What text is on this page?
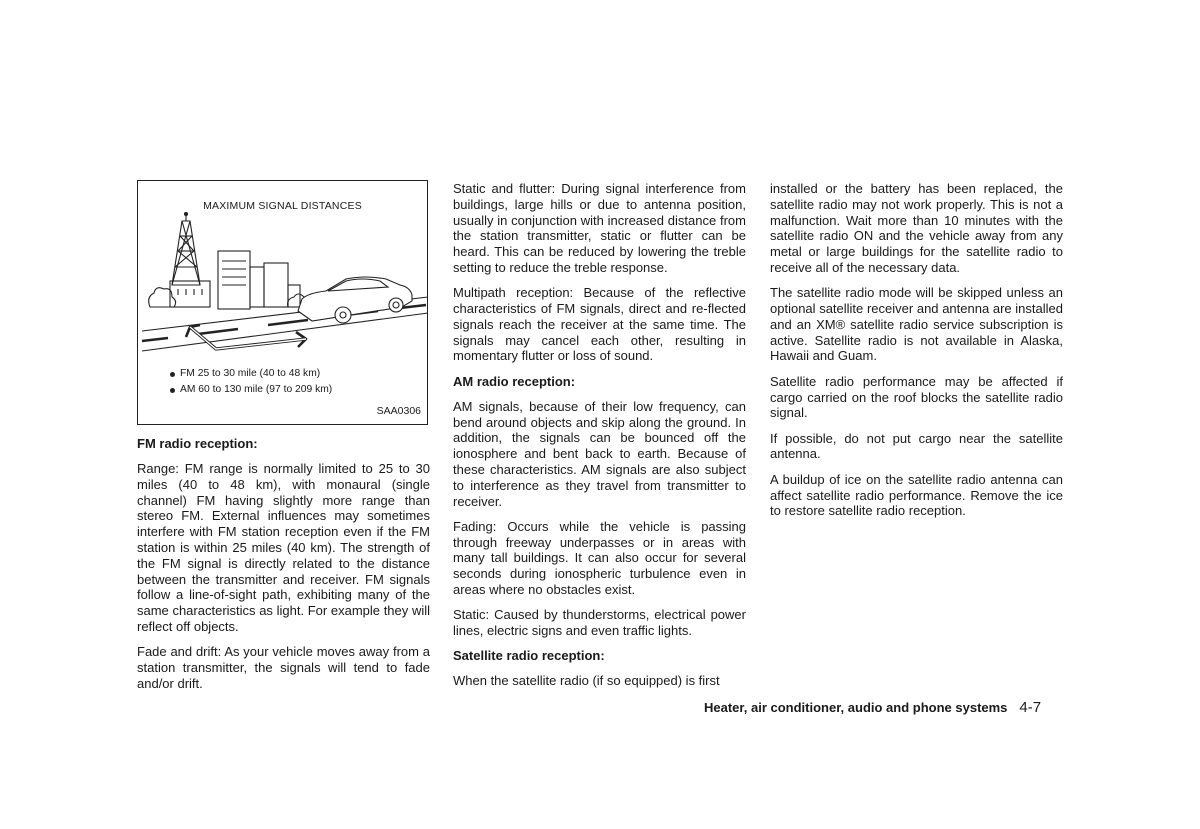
MAXIMUM SIGNAL DISTANCES
FM 25 to 30 mile (40 to 48 km)
AM 60 to 130 mile (97 to 209 km)
SAA0306
FM radio reception:

Range: FM range is normally limited to 25 to 30 miles (40 to 48 km), with monaural (single channel) FM having slightly more range than stereo FM. External influences may sometimes interfere with FM station reception even if the FM station is within 25 miles (40 km). The strength of the FM signal is directly related to the distance between the transmitter and receiver. FM signals follow a line-of-sight path, exhibiting many of the same characteristics as light. For example they will reflect off objects.

Fade and drift: As your vehicle moves away from a station transmitter, the signals will tend to fade and/or drift.

Static and flutter: During signal interference from buildings, large hills or due to antenna position, usually in conjunction with increased distance from the station transmitter, static or flutter can be heard. This can be reduced by lowering the treble setting to reduce the treble response.

Multipath reception: Because of the reflective characteristics of FM signals, direct and re-flected signals reach the receiver at the same time. The signals may cancel each other, resulting in momentary flutter or loss of sound.

AM radio reception:

AM signals, because of their low frequency, can bend around objects and skip along the ground. In addition, the signals can be bounced off the ionosphere and bent back to earth. Because of these characteristics. AM signals are also subject to interference as they travel from transmitter to receiver.

Fading: Occurs while the vehicle is passing through freeway underpasses or in areas with many tall buildings. It can also occur for several seconds during ionospheric turbulence even in areas where no obstacles exist.

Static: Caused by thunderstorms, electrical power lines, electric signs and even traffic lights.

Satellite radio reception:

When the satellite radio (if so equipped) is first

installed or the battery has been replaced, the satellite radio may not work properly. This is not a malfunction. Wait more than 10 minutes with the satellite radio ON and the vehicle away from any metal or large buildings for the satellite radio to receive all of the necessary data.

The satellite radio mode will be skipped unless an optional satellite receiver and antenna are installed and an XM® satellite radio service subscription is active. Satellite radio is not available in Alaska, Hawaii and Guam.

Satellite radio performance may be affected if cargo carried on the roof blocks the satellite radio signal.

If possible, do not put cargo near the satellite antenna.

A buildup of ice on the satellite radio antenna can affect satellite radio performance. Remove the ice to restore satellite radio reception.

Heater, air conditioner, audio and phone systems 4-7
